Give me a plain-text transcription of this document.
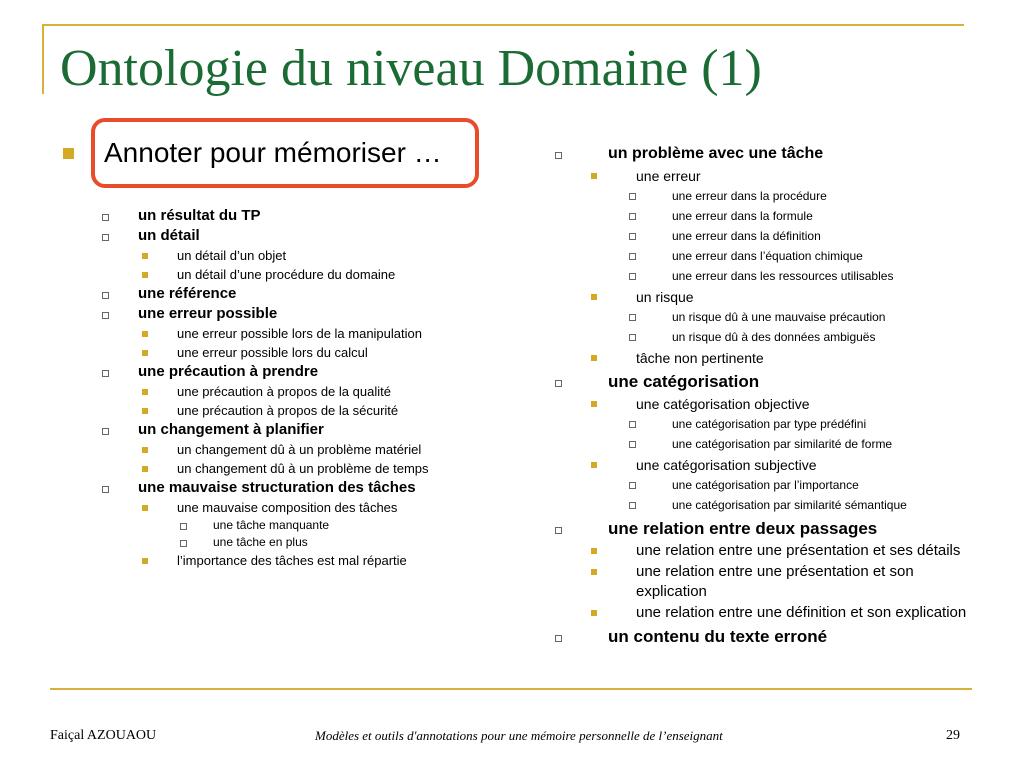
Ontologie du niveau Domaine (1)
Annoter pour mémoriser …
un résultat du TP
un détail
un détail d’un objet
un détail d’une procédure du domaine
une référence
une erreur possible
une erreur possible lors de la manipulation
une erreur possible lors du calcul
une précaution à prendre
une précaution à propos de la qualité
une précaution à propos de la sécurité
un changement à planifier
un changement dû à un problème matériel
un changement dû à un problème de temps
une mauvaise structuration des tâches
une mauvaise composition des tâches
une tâche manquante
une tâche en plus
l’importance des tâches est mal répartie
un problème avec une tâche
une erreur
une erreur dans la procédure
une erreur dans la formule
une erreur dans la définition
une erreur dans l’équation chimique
une erreur dans les ressources utilisables
un risque
un risque dû à une mauvaise précaution
un risque dû à des données ambiguës
tâche non pertinente
une catégorisation
une catégorisation objective
une catégorisation par type prédéfini
une catégorisation par similarité de forme
une catégorisation subjective
une catégorisation par l’importance
une catégorisation par similarité sémantique
une relation entre deux passages
une relation entre une présentation et ses détails
une relation entre une présentation et son explication
une relation entre une définition et son explication
un contenu du texte erroné
Faiçal AZOUAOU	Modèles et outils d'annotations pour une mémoire personnelle de l’enseignant	29
